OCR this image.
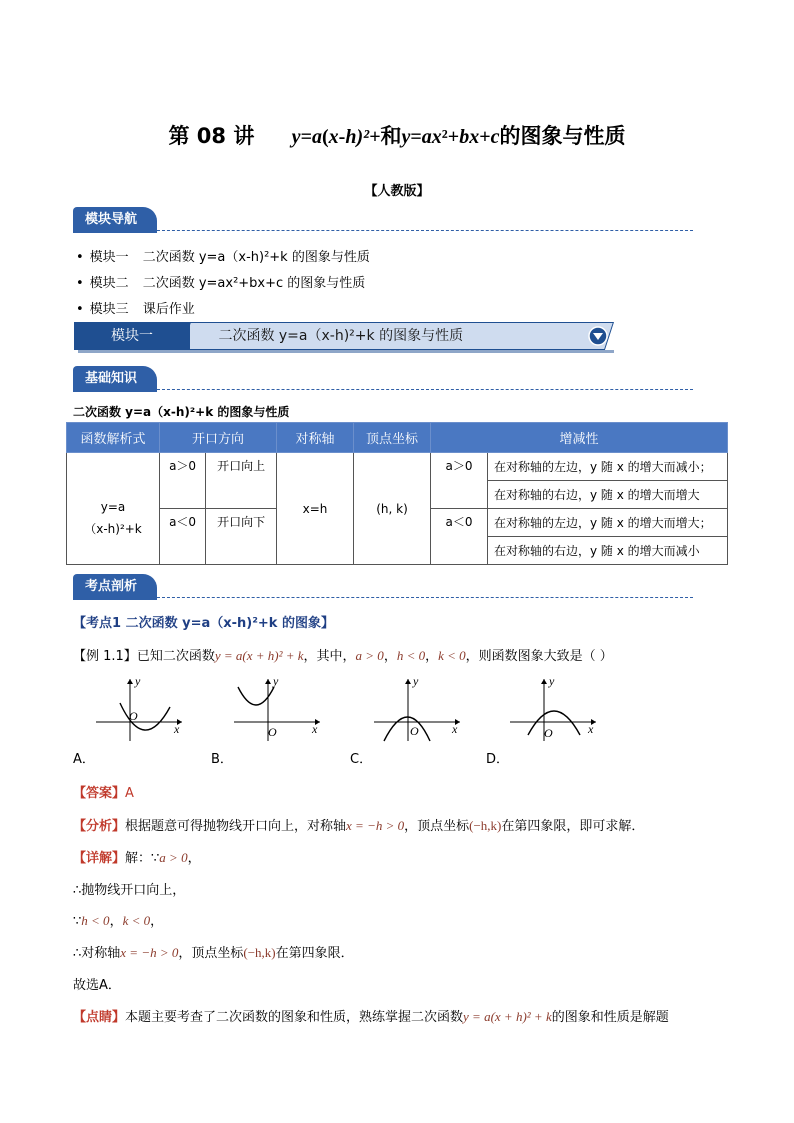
第 08 讲 y=a(x-h)²+和y=ax²+bx+c的图象与性质
【人教版】
模块导航
• 模块一 二次函数 y=a（x-h)²+k 的图象与性质
• 模块二 二次函数 y=ax²+bx+c 的图象与性质
• 模块三 课后作业
二次函数 y=a（x-h)²+k 的图象与性质
模块一
基础知识
二次函数 y=a（x-h)²+k 的图象与性质
函数解析式	开口方向		对称轴	顶点坐标	增减性	

y=a
（x-h)²+k	a＞0	开口向上	x=h	(h, k)	a＞0	在对称轴的左边，y 随 x 的增大而减小；
						在对称轴的右边，y 随 x 的增大而增大
	a＜0	开口向下			a＜0	在对称轴的左边，y 随 x 的增大而增大；
						在对称轴的右边，y 随 x 的增大而减小
考点剖析
【考点1 二次函数 y=a（x-h)²+k 的图象】
【例 1.1】已知二次函数y = a(x + h)² + k，其中，a > 0，h < 0，k < 0，则函数图象大致是（ ）
y
x
O
y
x
O
y
x
O
y
x
O
A．	B．	C．	D．
【答案】A
【分析】根据题意可得抛物线开口向上，对称轴x = −h > 0，顶点坐标(−h,k)在第四象限，即可求解．
【详解】解：∵a > 0，
∴抛物线开口向上，
∵h < 0，k < 0，
∴对称轴x = −h > 0，顶点坐标(−h,k)在第四象限．
故选A．
【点睛】本题主要考查了二次函数的图象和性质，熟练掌握二次函数y = a(x + h)² + k的图象和性质是解题
